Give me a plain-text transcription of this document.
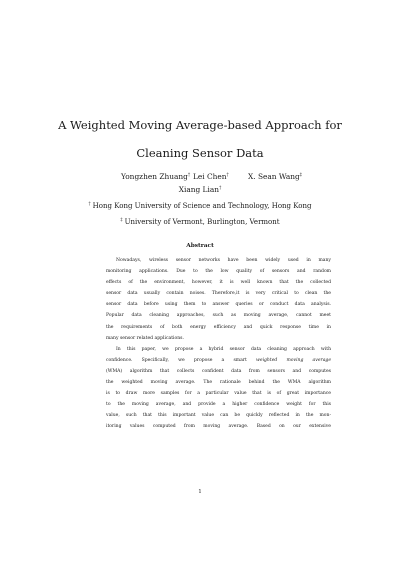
A Weighted Moving Average-based Approach for
Cleaning Sensor Data
Yongzhen Zhuang† Lei Chen†	X. Sean Wang‡
Xiang Lian†
† Hong Kong University of Science and Technology, Hong Kong
‡ University of Vermont, Burlington, Vermont
Abstract
Nowadays, wireless sensor networks have been widely used in many
monitoring applications. Due to the low quality of sensors and random
effects of the environment, however, it is well known that the collected
sensor data usually contain noises. Therefore,it is very critical to clean the
sensor data before using them to answer queries or conduct data analysis.
Popular data cleaning approaches, such as moving average, cannot meet
the requirements of both energy efficiency and quick response time in
many sensor related applications.
In this paper, we propose a hybrid sensor data cleaning approach with
confidence. Specifically, we propose a smart weighted moving average
(WMA) algorithm that collects confident data from sensors and computes
the weighted moving average. The rationale behind the WMA algorithm
is to draw more samples for a particular value that is of great importance
to the moving average, and provide a higher confidence weight for this
value, such that this important value can be quickly reflected in the mon-
itoring values computed from moving average. Based on our extensive
1
